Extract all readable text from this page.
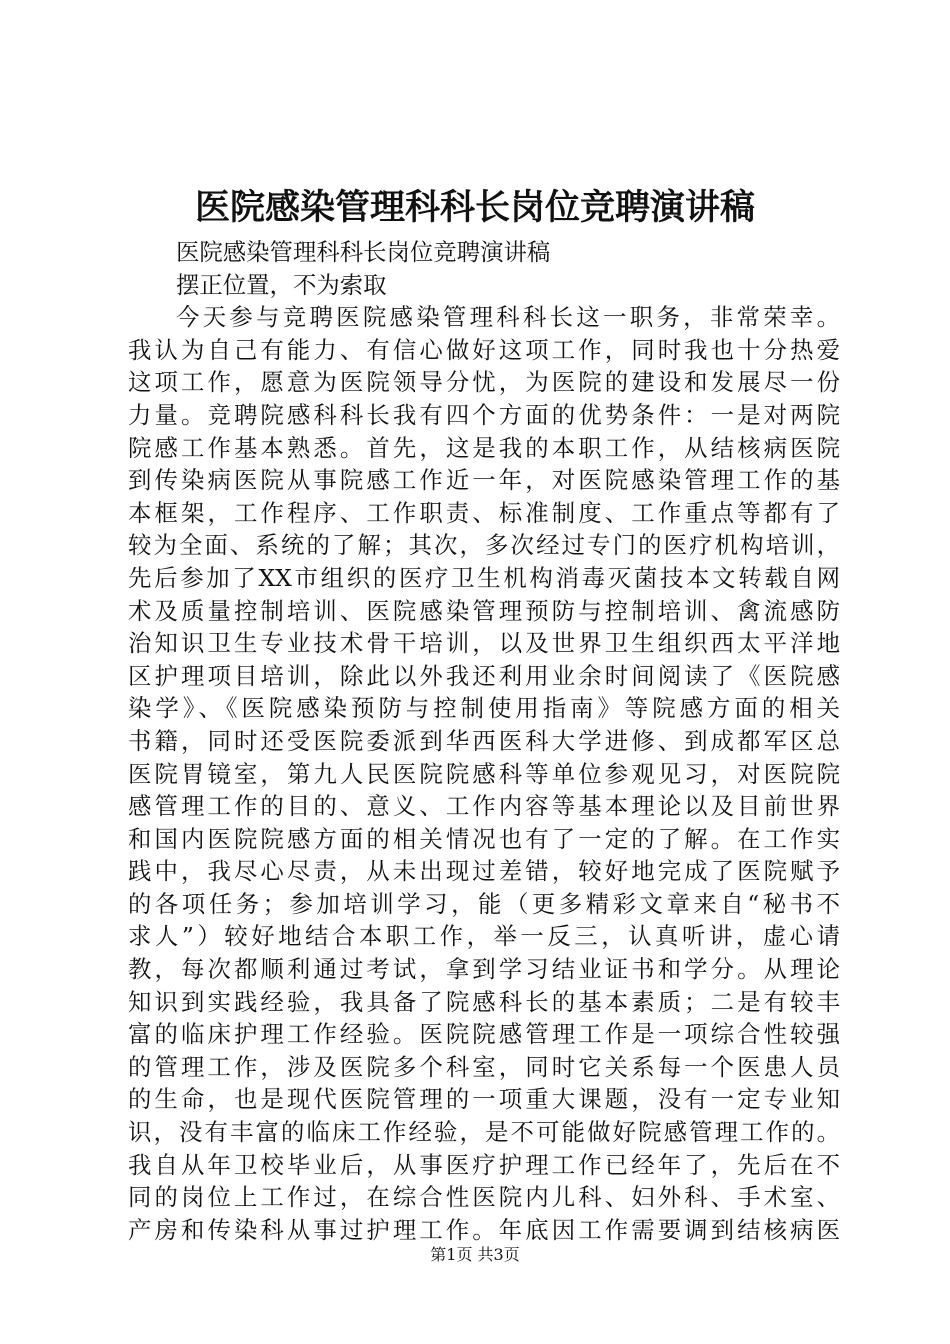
医院感染管理科科长岗位竞聘演讲稿

医院感染管理科科长岗位竞聘演讲稿

摆正位置，不为索取

今天参与竞聘医院感染管理科科长这一职务，非常荣幸。

我认为自己有能力、有信心做好这项工作，同时我也十分热爱

这项工作，愿意为医院领导分忧，为医院的建设和发展尽一份

力量。竞聘院感科科长我有四个方面的优势条件：一是对两院

院感工作基本熟悉。首先，这是我的本职工作，从结核病医院

到传染病医院从事院感工作近一年，对医院感染管理工作的基

本框架，工作程序、工作职责、标准制度、工作重点等都有了

较为全面、系统的了解；其次，多次经过专门的医疗机构培训，

先后参加了XX市组织的医疗卫生机构消毒灭菌技本文转载自网

术及质量控制培训、医院感染管理预防与控制培训、禽流感防

治知识卫生专业技术骨干培训，以及世界卫生组织西太平洋地

区护理项目培训，除此以外我还利用业余时间阅读了《医院感

染学》、《医院感染预防与控制使用指南》等院感方面的相关

书籍，同时还受医院委派到华西医科大学进修、到成都军区总

医院胃镜室，第九人民医院院感科等单位参观见习，对医院院

感管理工作的目的、意义、工作内容等基本理论以及目前世界

和国内医院院感方面的相关情况也有了一定的了解。在工作实

践中，我尽心尽责，从未出现过差错，较好地完成了医院赋予

的各项任务；参加培训学习，能（更多精彩文章来自“秘书不

求人”）较好地结合本职工作，举一反三，认真听讲，虚心请

教，每次都顺利通过考试，拿到学习结业证书和学分。从理论

知识到实践经验，我具备了院感科长的基本素质；二是有较丰

富的临床护理工作经验。医院院感管理工作是一项综合性较强

的管理工作，涉及医院多个科室，同时它关系每一个医患人员

的生命，也是现代医院管理的一项重大课题，没有一定专业知

识，没有丰富的临床工作经验，是不可能做好院感管理工作的。

我自从年卫校毕业后，从事医疗护理工作已经年了，先后在不

同的岗位上工作过，在综合性医院内儿科、妇外科、手术室、

产房和传染科从事过护理工作。年底因工作需要调到结核病医

第1页 共3页
